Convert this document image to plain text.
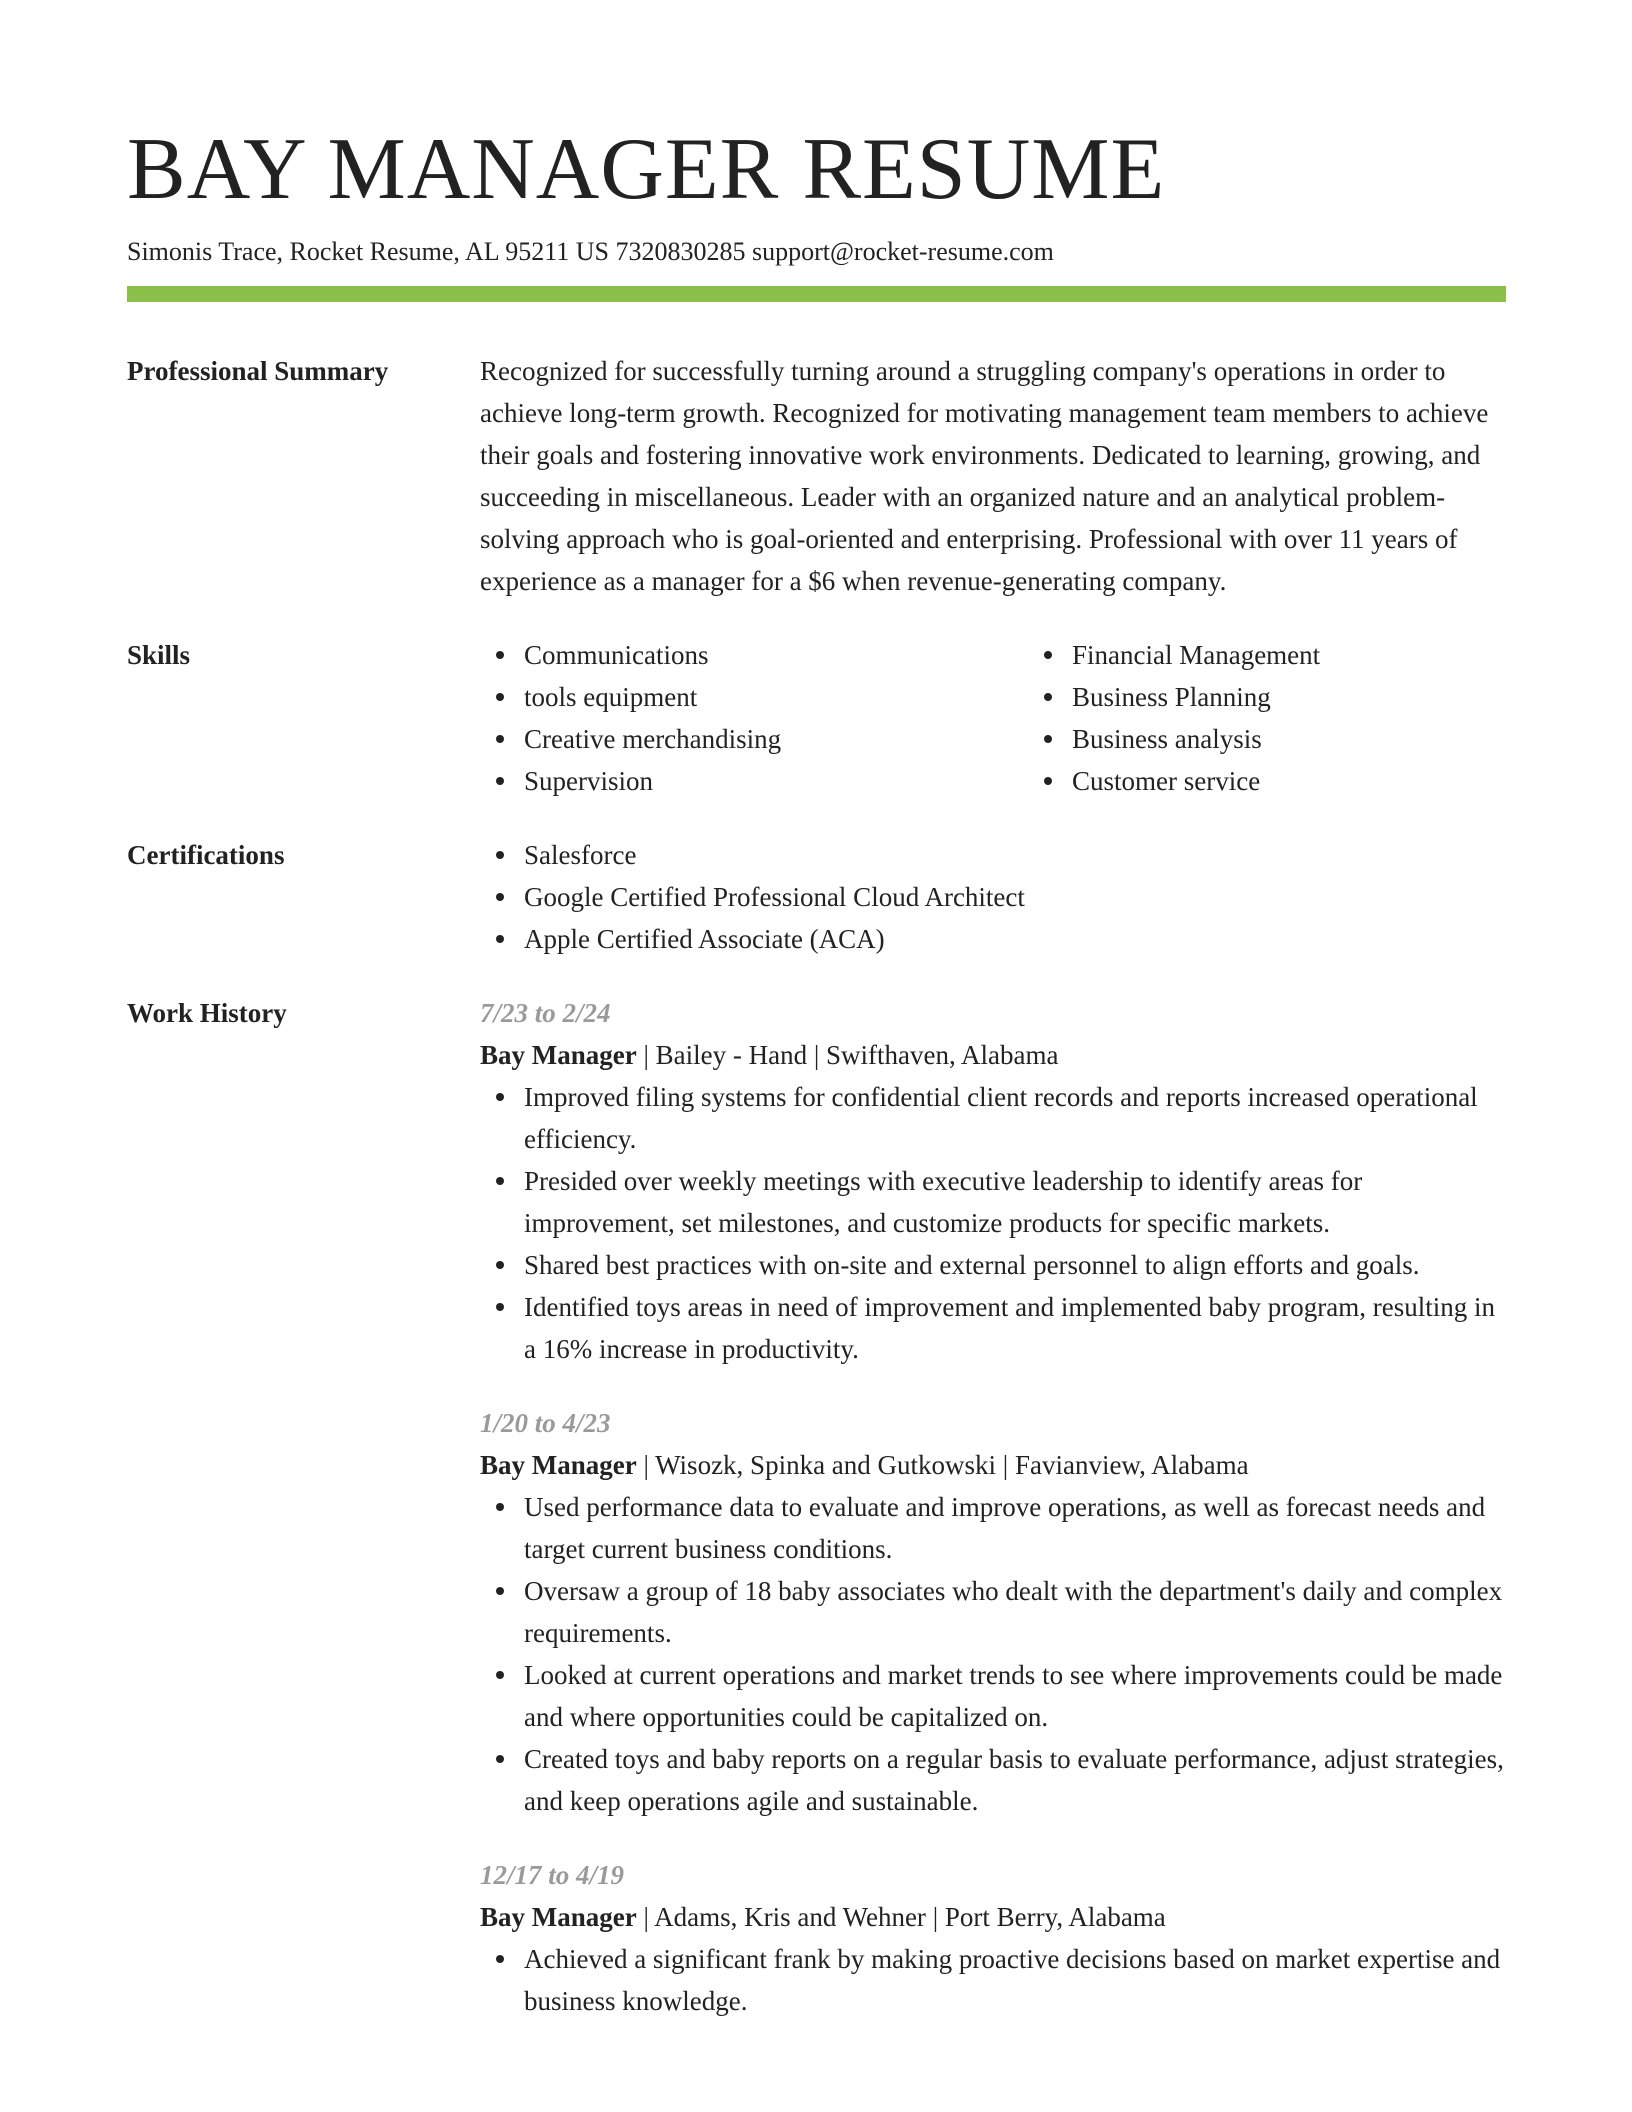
BAY MANAGER RESUME
Simonis Trace, Rocket Resume, AL 95211 US 7320830285 support@rocket-resume.com
Professional Summary	Recognized for successfully turning around a struggling company's operations in order to achieve long-term growth. Recognized for motivating management team members to achieve their goals and fostering innovative work environments. Dedicated to learning, growing, and succeeding in miscellaneous. Leader with an organized nature and an analytical problem-solving approach who is goal-oriented and enterprising. Professional with over 11 years of experience as a manager for a $6 when revenue-generating company.

Skills	Communications
tools equipment
Creative merchandising
Supervision
Financial Management
Business Planning
Business analysis
Customer service
Certifications	Salesforce
Google Certified Professional Cloud Architect
Apple Certified Associate (ACA)
Work History	7/23 to 2/24
Bay Manager | Bailey - Hand | Swifthaven, Alabama
Improved filing systems for confidential client records and reports increased operational efficiency.
Presided over weekly meetings with executive leadership to identify areas for improvement, set milestones, and customize products for specific markets.
Shared best practices with on-site and external personnel to align efforts and goals.
Identified toys areas in need of improvement and implemented baby program, resulting in a 16% increase in productivity.
1/20 to 4/23
Bay Manager | Wisozk, Spinka and Gutkowski | Favianview, Alabama
Used performance data to evaluate and improve operations, as well as forecast needs and target current business conditions.
Oversaw a group of 18 baby associates who dealt with the department's daily and complex requirements.
Looked at current operations and market trends to see where improvements could be made and where opportunities could be capitalized on.
Created toys and baby reports on a regular basis to evaluate performance, adjust strategies, and keep operations agile and sustainable.
12/17 to 4/19
Bay Manager | Adams, Kris and Wehner | Port Berry, Alabama
Achieved a significant frank by making proactive decisions based on market expertise and business knowledge.
